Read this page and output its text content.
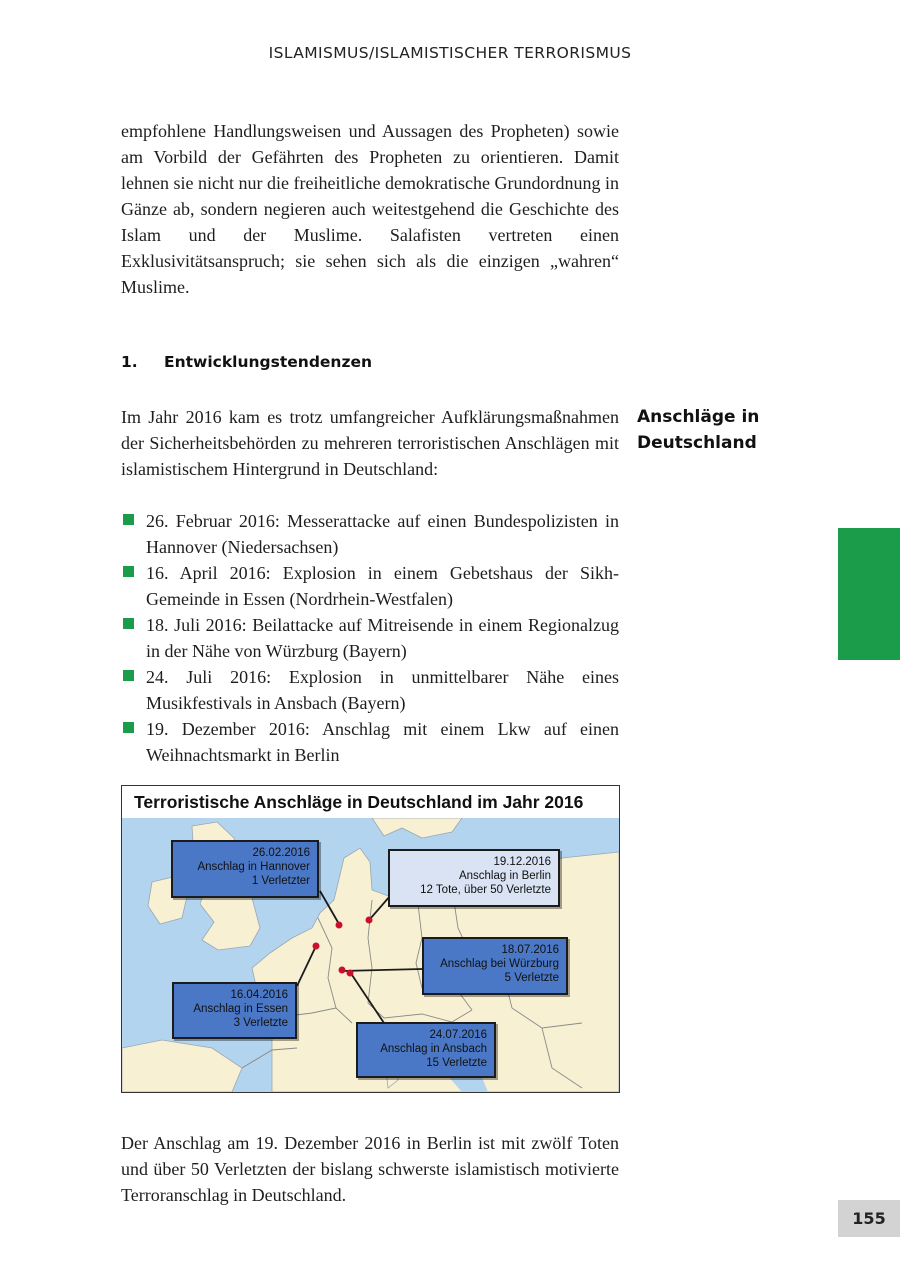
ISLAMISMUS/ISLAMISTISCHER TERRORISMUS

empfohlene Handlungsweisen und Aussagen des Propheten) sowie am Vorbild der Gefährten des Propheten zu orientieren. Damit lehnen sie nicht nur die freiheitliche demokratische Grundordnung in Gänze ab, sondern negieren auch weitestgehend die Geschichte des Islam und der Muslime. Salafisten vertreten einen Exklusivitätsanspruch; sie sehen sich als die einzigen „wahren“ Muslime.

1. Entwicklungstendenzen

Im Jahr 2016 kam es trotz umfangreicher Aufklärungsmaßnahmen der Sicherheitsbehörden zu mehreren terroristischen Anschlägen mit islamistischem Hintergrund in Deutschland:

Anschläge in Deutschland
26. Februar 2016: Messerattacke auf einen Bundespolizisten in Hannover (Niedersachsen)
16. April 2016: Explosion in einem Gebetshaus der Sikh-Gemeinde in Essen (Nordrhein-Westfalen)
18. Juli 2016: Beilattacke auf Mitreisende in einem Regionalzug in der Nähe von Würzburg (Bayern)
24. Juli 2016: Explosion in unmittelbarer Nähe eines Musikfestivals in Ansbach (Bayern)
19. Dezember 2016: Anschlag mit einem Lkw auf einen Weihnachtsmarkt in Berlin
Terroristische Anschläge in Deutschland im Jahr 2016
26.02.2016
Anschlag in Hannover
1 Verletzter
19.12.2016
Anschlag in Berlin
12 Tote, über 50 Verletzte
18.07.2016
Anschlag bei Würzburg
5 Verletzte
16.04.2016
Anschlag in Essen
3 Verletzte
24.07.2016
Anschlag in Ansbach
15 Verletzte

Der Anschlag am 19. Dezember 2016 in Berlin ist mit zwölf Toten und über 50 Verletzten der bislang schwerste islamistisch motivierte Terroranschlag in Deutschland.

155
